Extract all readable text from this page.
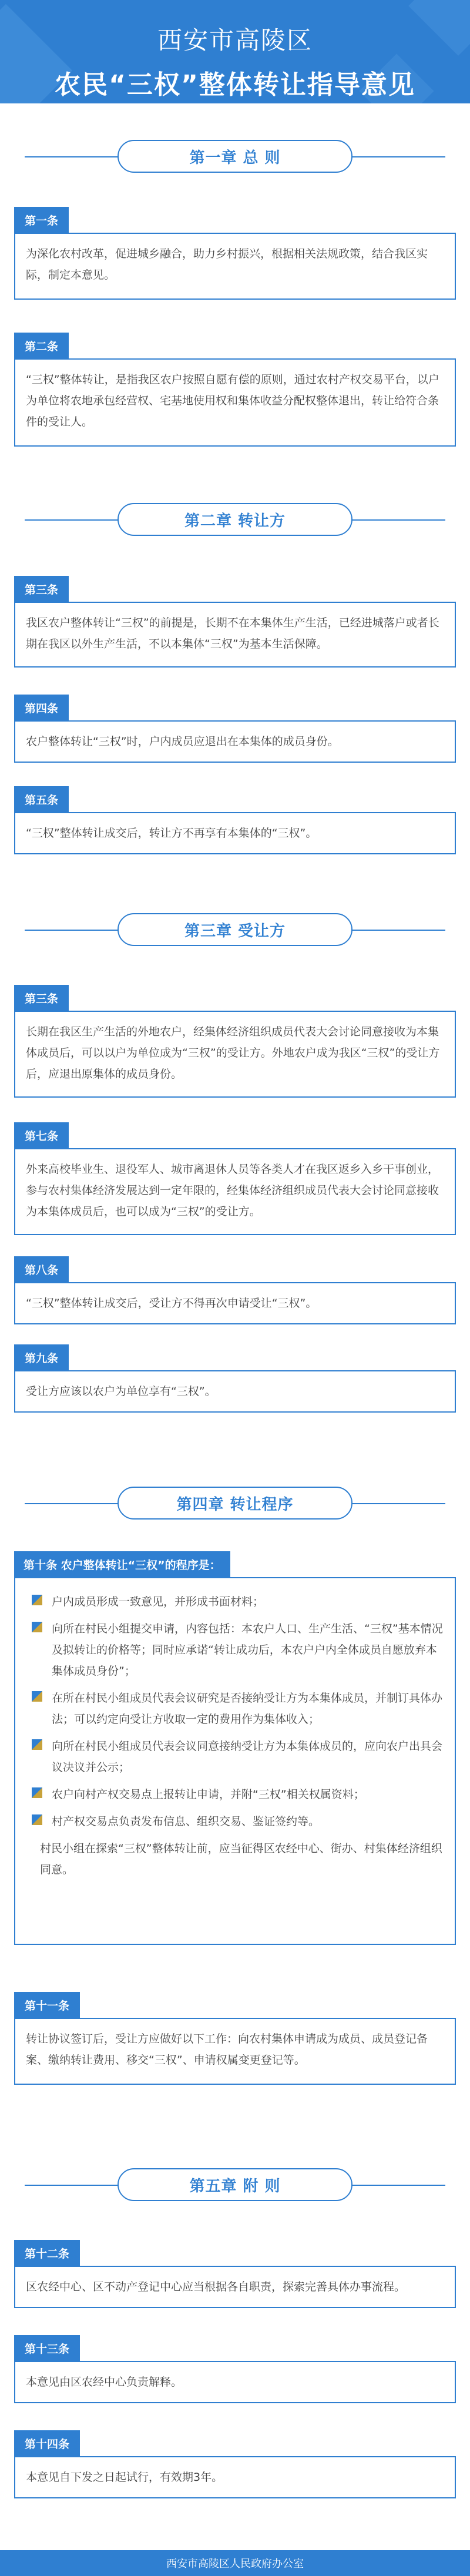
西安市高陵区
农民“三权”整体转让指导意见
第一章 总 则
第一条
为深化农村改革，促进城乡融合，助力乡村振兴，根据相关法规政策，结合我区实际，制定本意见。
第二条
“三权”整体转让，是指我区农户按照自愿有偿的原则，通过农村产权交易平台，以户为单位将农地承包经营权、宅基地使用权和集体收益分配权整体退出，转让给符合条件的受让人。
第二章 转让方
第三条
我区农户整体转让“三权”的前提是，长期不在本集体生产生活，已经进城落户或者长期在我区以外生产生活，不以本集体“三权”为基本生活保障。
第四条
农户整体转让“三权”时，户内成员应退出在本集体的成员身份。
第五条
“三权”整体转让成交后，转让方不再享有本集体的“三权”。
第三章 受让方
第三条
长期在我区生产生活的外地农户，经集体经济组织成员代表大会讨论同意接收为本集体成员后，可以以户为单位成为“三权”的受让方。外地农户成为我区“三权”的受让方后，应退出原集体的成员身份。
第七条
外来高校毕业生、退役军人、城市离退休人员等各类人才在我区返乡入乡干事创业，参与农村集体经济发展达到一定年限的，经集体经济组织成员代表大会讨论同意接收为本集体成员后，也可以成为“三权”的受让方。
第八条
“三权”整体转让成交后，受让方不得再次申请受让“三权”。
第九条
受让方应该以农户为单位享有“三权”。
第四章 转让程序
第十条 农户整体转让“三权”的程序是：
户内成员形成一致意见，并形成书面材料；
向所在村民小组提交申请，内容包括：本农户人口、生产生活、“三权”基本情况及拟转让的价格等；同时应承诺“转让成功后，本农户户内全体成员自愿放弃本集体成员身份”；
在所在村民小组成员代表会议研究是否接纳受让方为本集体成员，并制订具体办法；可以约定向受让方收取一定的费用作为集体收入；
向所在村民小组成员代表会议同意接纳受让方为本集体成员的，应向农户出具会议决议并公示；
农户向村产权交易点上报转让申请，并附“三权”相关权属资料；
村产权交易点负责发布信息、组织交易、鉴证签约等。
村民小组在探索“三权”整体转让前，应当征得区农经中心、街办、村集体经济组织同意。
第十一条
转让协议签订后，受让方应做好以下工作：向农村集体申请成为成员、成员登记备案、缴纳转让费用、移交“三权”、申请权属变更登记等。
第五章 附 则
第十二条
区农经中心、区不动产登记中心应当根据各自职责，探索完善具体办事流程。
第十三条
本意见由区农经中心负责解释。
第十四条
本意见自下发之日起试行，有效期3年。
西安市高陵区人民政府办公室
